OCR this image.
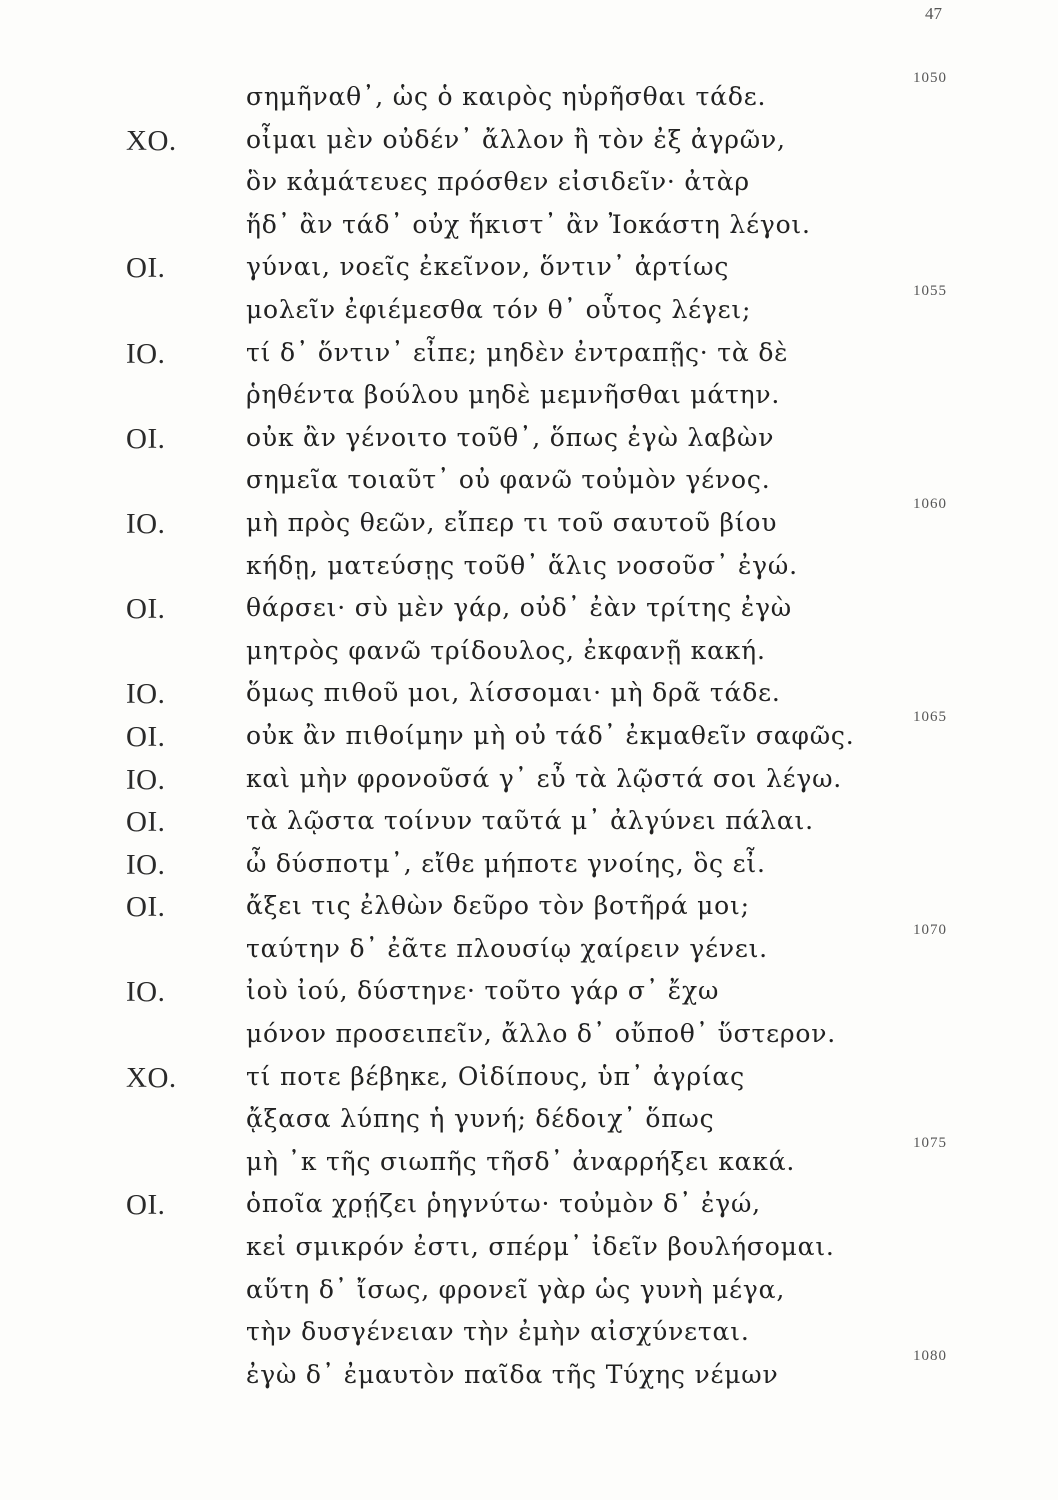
47
σημῆναθ᾽, ὡς ὁ καιρὸς ηὑρῆσθαι τάδε.
1050
ΧΟ.	οἶμαι μὲν οὐδέν᾽ ἄλλον ἢ τὸν ἐξ ἀγρῶν,
ὃν κἀμάτευες πρόσθεν εἰσιδεῖν· ἀτὰρ
ἥδ᾽ ἂν τάδ᾽ οὐχ ἥκιστ᾽ ἂν Ἰοκάστη λέγοι.
ΟΙ.	γύναι, νοεῖς ἐκεῖνον, ὅντιν᾽ ἀρτίως
μολεῖν ἐφιέμεσθα τόν θ᾽ οὗτος λέγει;
1055
ΙΟ.	τί δ᾽ ὅντιν᾽ εἶπε; μηδὲν ἐντραπῇς· τὰ δὲ
ῥηθέντα βούλου μηδὲ μεμνῆσθαι μάτην.
ΟΙ.	οὐκ ἂν γένοιτο τοῦθ᾽, ὅπως ἐγὼ λαβὼν
σημεῖα τοιαῦτ᾽ οὐ φανῶ τοὐμὸν γένος.
ΙΟ.	μὴ πρὸς θεῶν, εἴπερ τι τοῦ σαυτοῦ βίου
1060
κήδῃ, ματεύσῃς τοῦθ᾽ ἅλις νοσοῦσ᾽ ἐγώ.
ΟΙ.	θάρσει· σὺ μὲν γάρ, οὐδ᾽ ἐὰν τρίτης ἐγὼ
μητρὸς φανῶ τρίδουλος, ἐκφανῇ κακή.
ΙΟ.	ὅμως πιθοῦ μοι, λίσσομαι· μὴ δρᾶ τάδε.
ΟΙ.	οὐκ ἂν πιθοίμην μὴ οὐ τάδ᾽ ἐκμαθεῖν σαφῶς.
1065
ΙΟ.	καὶ μὴν φρονοῦσά γ᾽ εὖ τὰ λῷστά σοι λέγω.
ΟΙ.	τὰ λῷστα τοίνυν ταῦτά μ᾽ ἀλγύνει πάλαι.
ΙΟ.	ὦ δύσποτμ᾽, εἴθε μήποτε γνοίης, ὃς εἶ.
ΟΙ.	ἄξει τις ἐλθὼν δεῦρο τὸν βοτῆρά μοι;
ταύτην δ᾽ ἐᾶτε πλουσίῳ χαίρειν γένει.
1070
ΙΟ.	ἰοὺ ἰού, δύστηνε· τοῦτο γάρ σ᾽ ἔχω
μόνον προσειπεῖν, ἄλλο δ᾽ οὔποθ᾽ ὕστερον.
ΧΟ.	τί ποτε βέβηκε, Οἰδίπους, ὑπ᾽ ἀγρίας
ᾄξασα λύπης ἡ γυνή; δέδοιχ᾽ ὅπως
μὴ ᾽κ τῆς σιωπῆς τῆσδ᾽ ἀναρρήξει κακά.
1075
ΟΙ.	ὁποῖα χρῄζει ῥηγνύτω· τοὐμὸν δ᾽ ἐγώ,
κεἰ σμικρόν ἐστι, σπέρμ᾽ ἰδεῖν βουλήσομαι.
αὕτη δ᾽ ἴσως, φρονεῖ γὰρ ὡς γυνὴ μέγα,
τὴν δυσγένειαν τὴν ἐμὴν αἰσχύνεται.
ἐγὼ δ᾽ ἐμαυτὸν παῖδα τῆς Τύχης νέμων
1080
